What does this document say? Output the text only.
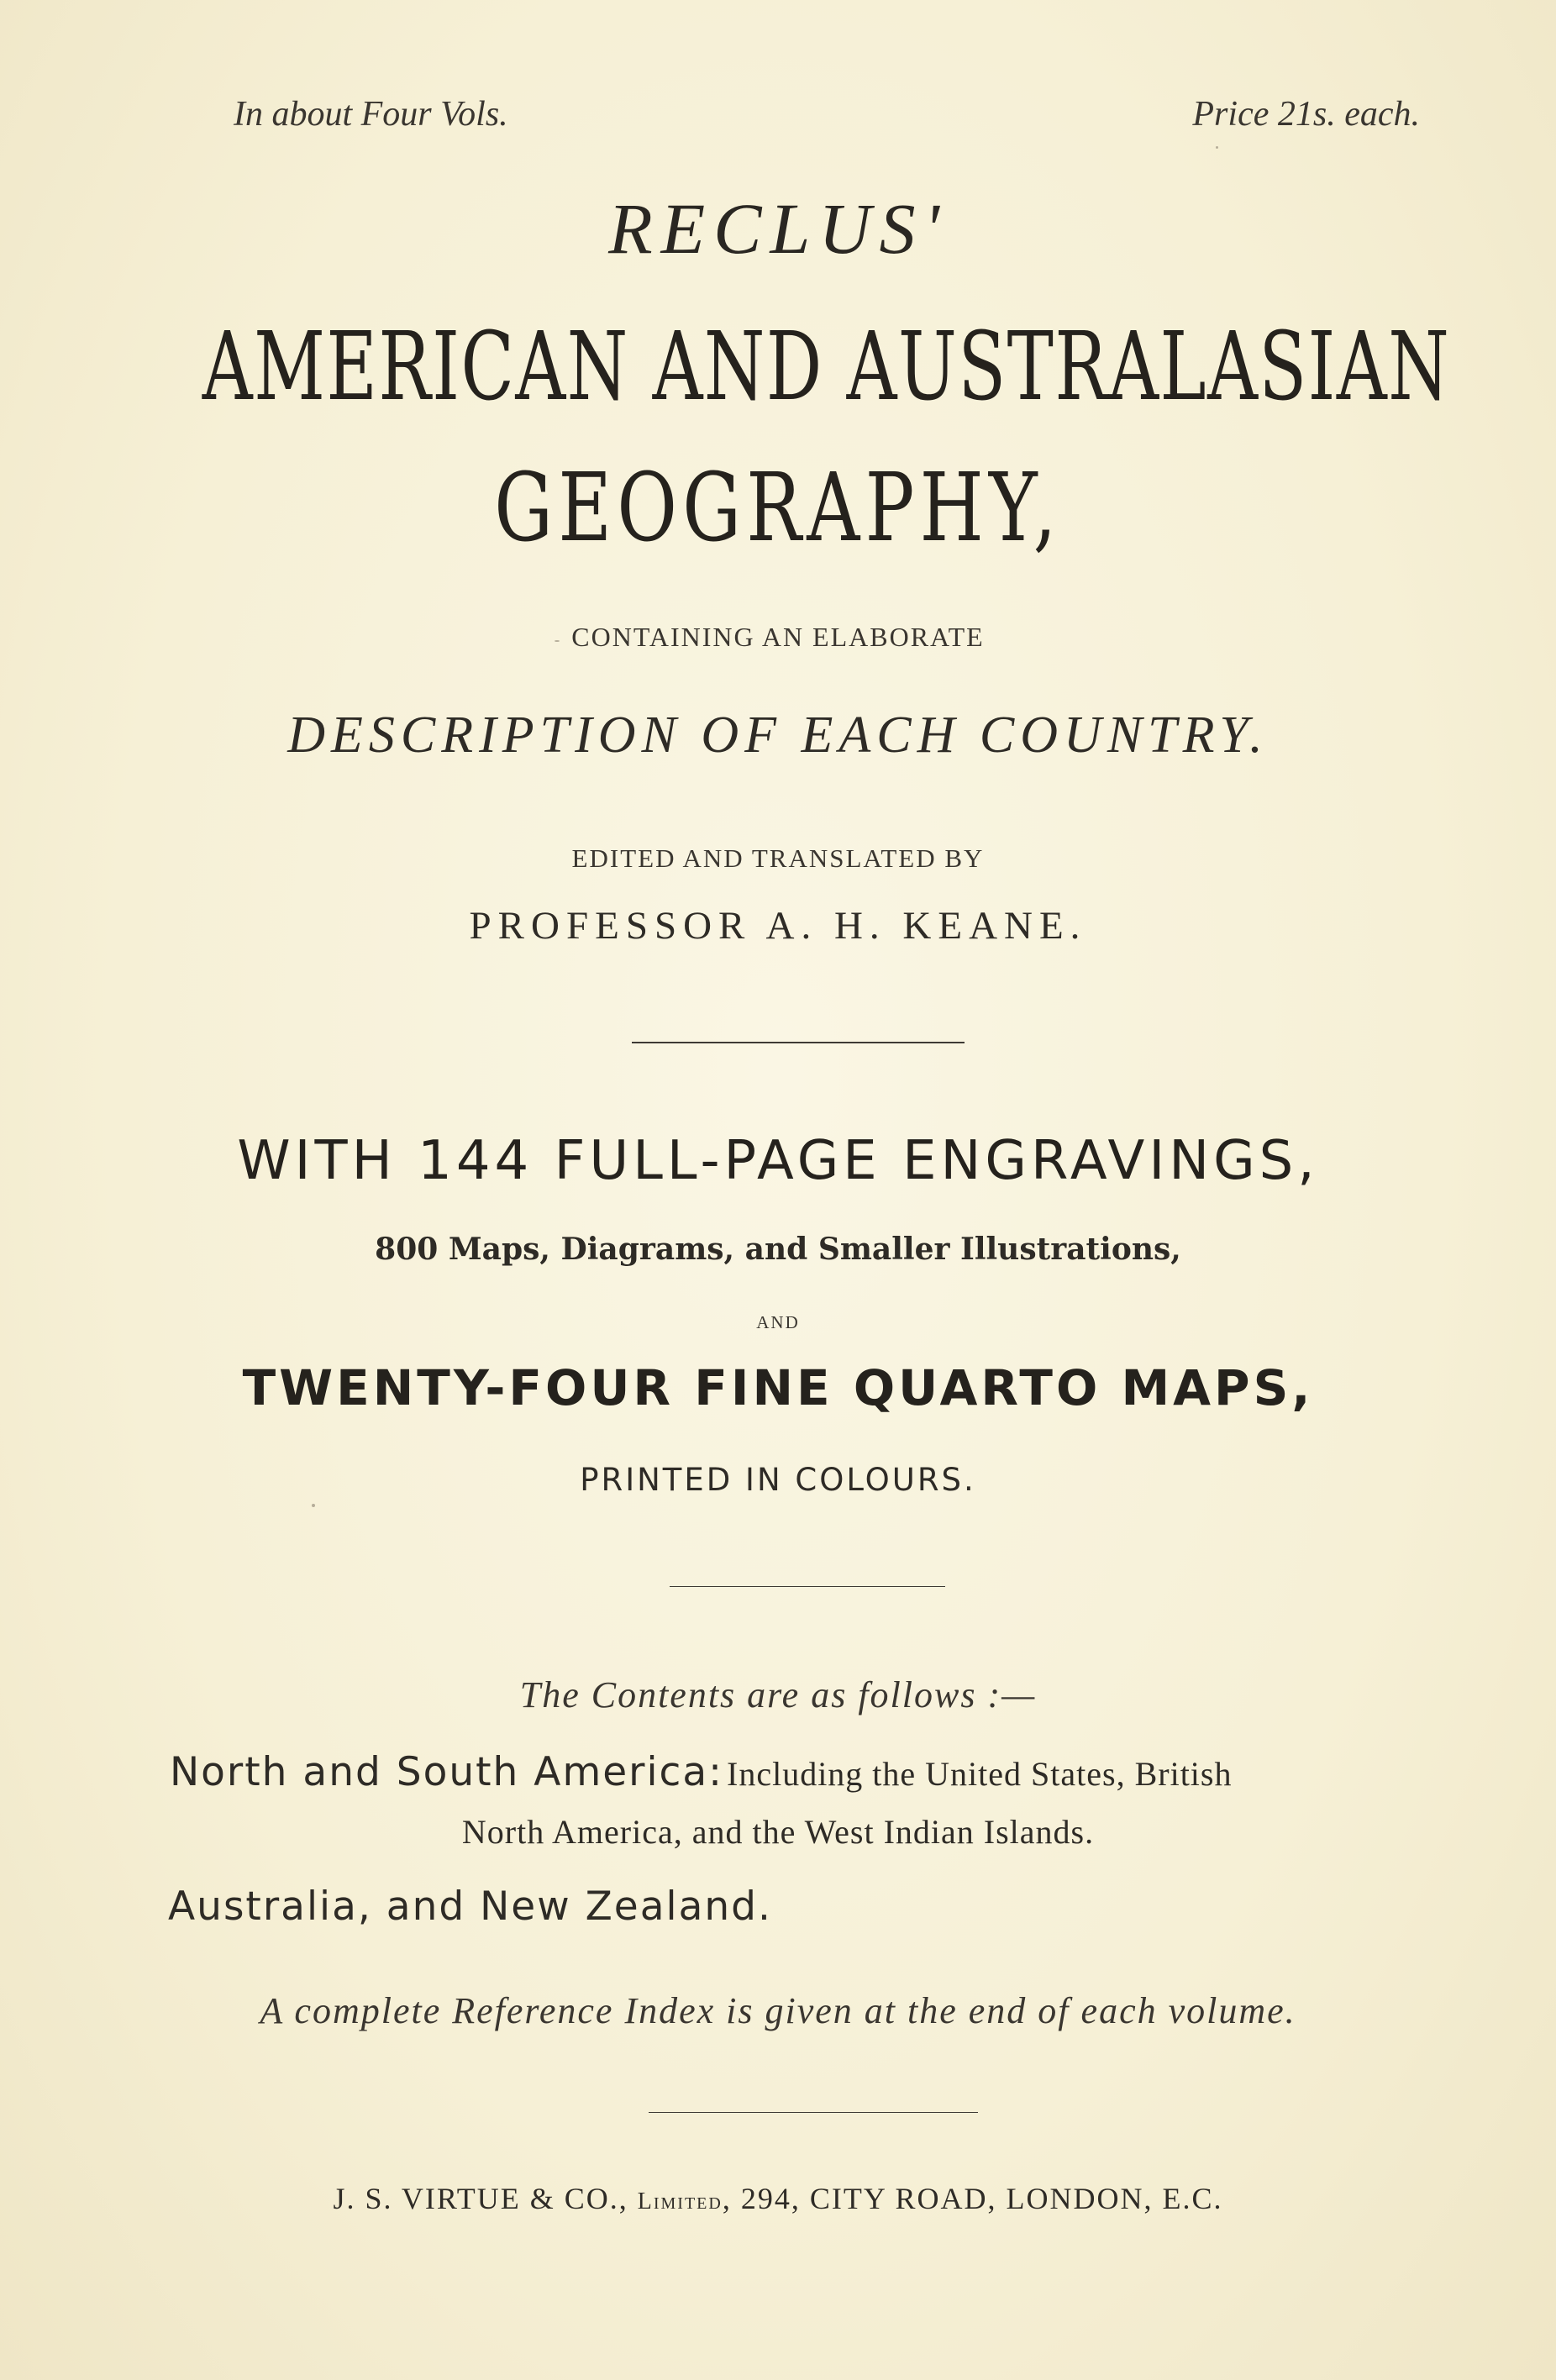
In about Four Vols.	Price 21s. each.
RECLUS'
AMERICAN AND AUSTRALASIAN
GEOGRAPHY,
CONTAINING AN ELABORATE
DESCRIPTION OF EACH COUNTRY.
EDITED AND TRANSLATED BY
PROFESSOR A. H. KEANE.
WITH 144 FULL-PAGE ENGRAVINGS,
800 Maps, Diagrams, and Smaller Illustrations,
AND
TWENTY-FOUR FINE QUARTO MAPS,
PRINTED IN COLOURS.
The Contents are as follows :—
North and South America: Including the United States, British
North America, and the West Indian Islands.
Australia, and New Zealand.
A complete Reference Index is given at the end of each volume.
J. S. VIRTUE & CO., Limited, 294, CITY ROAD, LONDON, E.C.
